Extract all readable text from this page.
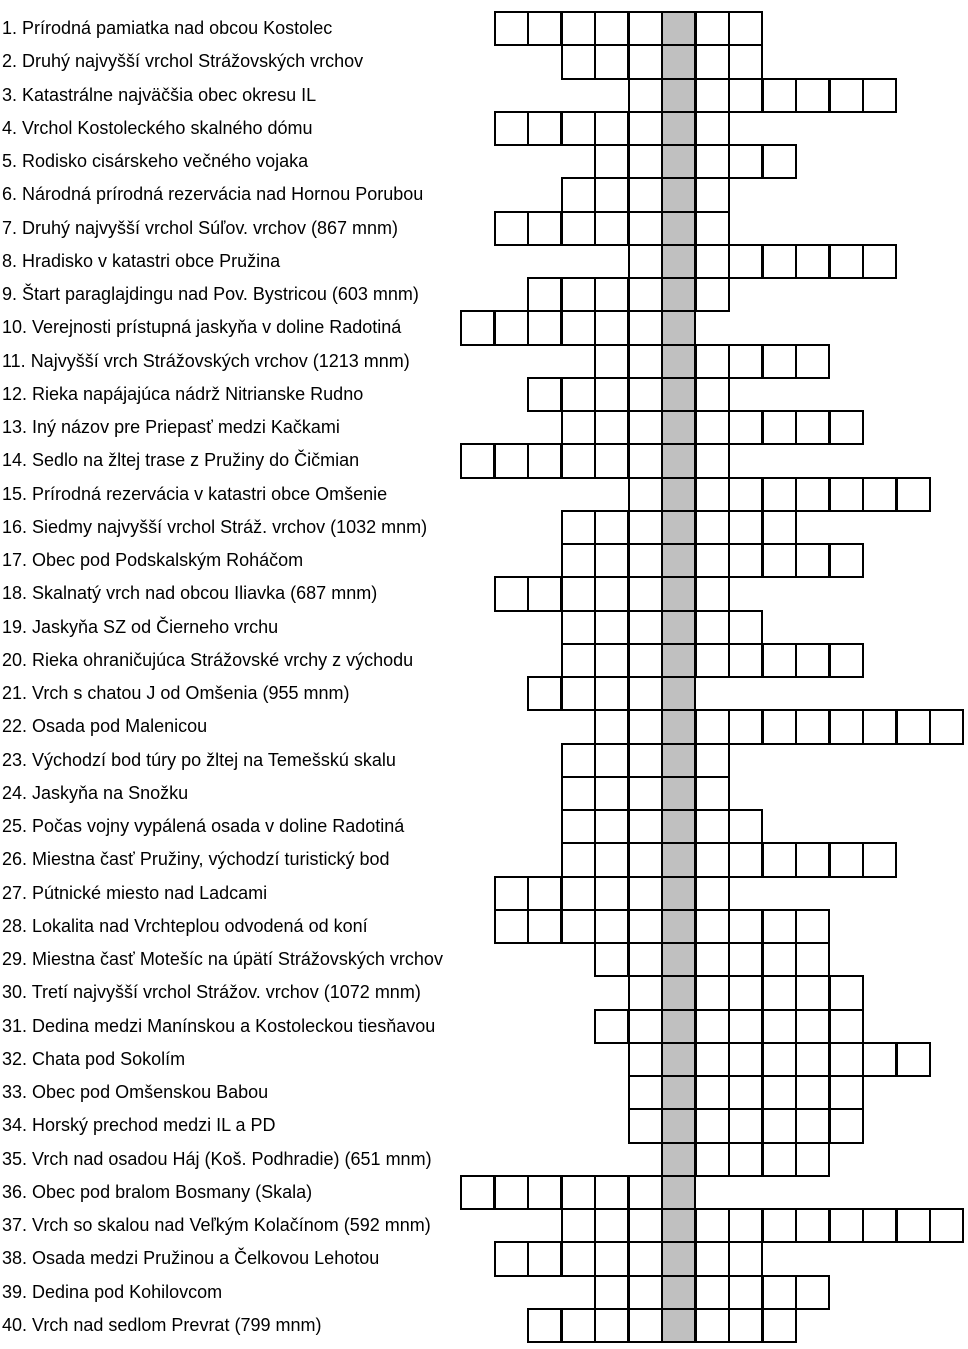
1. Prírodná pamiatka nad obcou Kostolec
2. Druhý najvyšší vrchol Strážovských vrchov
3. Katastrálne najväčšia obec okresu IL
4. Vrchol Kostoleckého skalného dómu
5. Rodisko cisárskeho večného vojaka
6. Národná prírodná rezervácia nad Hornou Porubou
7. Druhý najvyšší vrchol Súľov. vrchov (867 mnm)
8. Hradisko v katastri obce Pružina
9. Štart paraglajdingu nad Pov. Bystricou (603 mnm)
10. Verejnosti prístupná jaskyňa v doline Radotiná
11. Najvyšší vrch Strážovských vrchov (1213 mnm)
12. Rieka napájajúca nádrž Nitrianske Rudno
13. Iný názov pre Priepasť medzi Kačkami
14. Sedlo na žltej trase z Pružiny do Čičmian
15. Prírodná rezervácia v katastri obce Omšenie
16. Siedmy najvyšší vrchol Stráž. vrchov (1032 mnm)
17. Obec pod Podskalským Roháčom
18. Skalnatý vrch nad obcou Iliavka (687 mnm)
19. Jaskyňa SZ od Čierneho vrchu
20. Rieka ohraničujúca Strážovské vrchy z východu
21. Vrch s chatou J od Omšenia (955 mnm)
22. Osada pod Malenicou
23. Východzí bod túry po žltej na Temešskú skalu
24. Jaskyňa na Snožku
25. Počas vojny vypálená osada v doline Radotiná
26. Miestna časť Pružiny, východzí turistický bod
27. Pútnické miesto nad Ladcami
28. Lokalita nad Vrchteplou odvodená od koní
29. Miestna časť Motešíc na úpätí Strážovských vrchov
30. Tretí najvyšší vrchol Strážov. vrchov (1072 mnm)
31. Dedina medzi Manínskou a Kostoleckou tiesňavou
32. Chata pod Sokolím
33. Obec pod Omšenskou Babou
34. Horský prechod medzi IL a PD
35. Vrch nad osadou Háj (Koš. Podhradie) (651 mnm)
36. Obec pod bralom Bosmany (Skala)
37. Vrch so skalou nad Veľkým Kolačínom (592 mnm)
38. Osada medzi Pružinou a Čelkovou Lehotou
39. Dedina pod Kohilovcom
40. Vrch nad sedlom Prevrat (799 mnm)
